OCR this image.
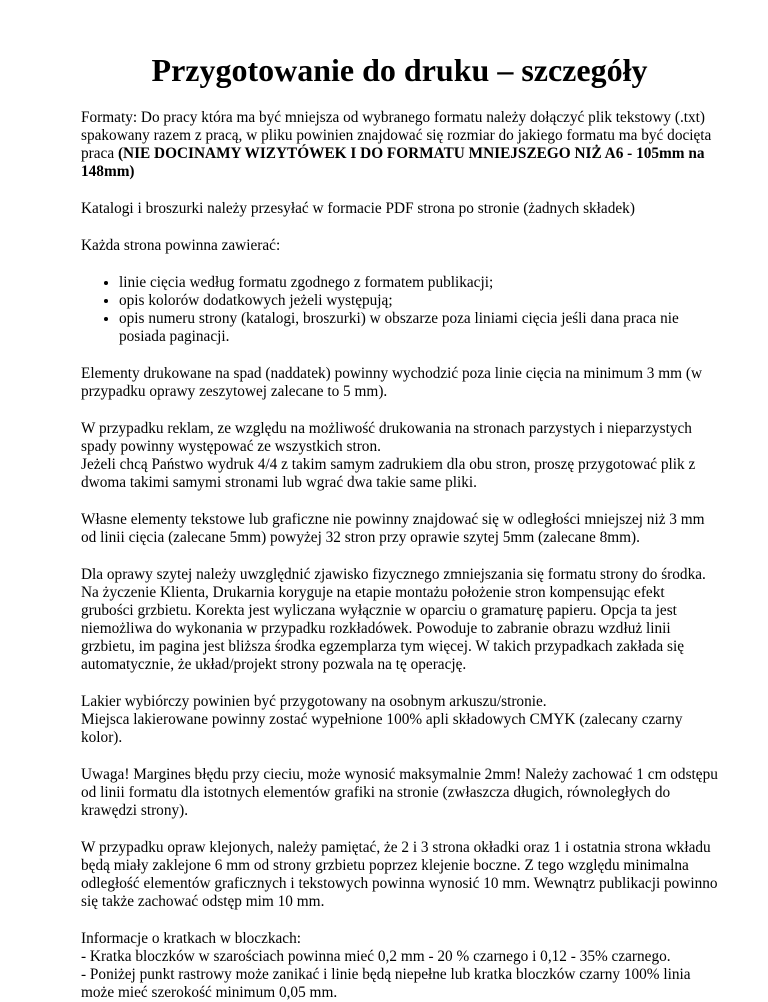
Przygotowanie do druku – szczegóły

Formaty: Do pracy która ma być mniejsza od wybranego formatu należy dołączyć plik tekstowy (.txt) spakowany razem z pracą, w pliku powinien znajdować się rozmiar do jakiego formatu ma być docięta praca (NIE DOCINAMY WIZYTÓWEK I DO FORMATU MNIEJSZEGO NIŻ A6 - 105mm na 148mm)

Katalogi i broszurki należy przesyłać w formacie PDF strona po stronie (żadnych składek)

Każda strona powinna zawierać:

• linie cięcia według formatu zgodnego z formatem publikacji;
• opis kolorów dodatkowych jeżeli występują;
• opis numeru strony (katalogi, broszurki) w obszarze poza liniami cięcia jeśli dana praca nie posiada paginacji.

Elementy drukowane na spad (naddatek) powinny wychodzić poza linie cięcia na minimum 3 mm (w przypadku oprawy zeszytowej zalecane to 5 mm).

W przypadku reklam, ze względu na możliwość drukowania na stronach parzystych i nieparzystych spady powinny występować ze wszystkich stron.

Jeżeli chcą Państwo wydruk 4/4 z takim samym zadrukiem dla obu stron, proszę przygotować plik z dwoma takimi samymi stronami lub wgrać dwa takie same pliki.

Własne elementy tekstowe lub graficzne nie powinny znajdować się w odległości mniejszej niż 3 mm od linii cięcia (zalecane 5mm) powyżej 32 stron przy oprawie szytej 5mm (zalecane 8mm).

Dla oprawy szytej należy uwzględnić zjawisko fizycznego zmniejszania się formatu strony do środka. Na życzenie Klienta, Drukarnia koryguje na etapie montażu położenie stron kompensując efekt grubości grzbietu. Korekta jest wyliczana wyłącznie w oparciu o gramaturę papieru. Opcja ta jest niemożliwa do wykonania w przypadku rozkładówek. Powoduje to zabranie obrazu wzdłuż linii grzbietu, im pagina jest bliższa środka egzemplarza tym więcej. W takich przypadkach zakłada się automatycznie, że układ/projekt strony pozwala na tę operację.

Lakier wybiórczy powinien być przygotowany na osobnym arkuszu/stronie.

Miejsca lakierowane powinny zostać wypełnione 100% apli składowych CMYK (zalecany czarny kolor).

Uwaga! Margines błędu przy cieciu, może wynosić maksymalnie 2mm! Należy zachować 1 cm odstępu od linii formatu dla istotnych elementów grafiki na stronie (zwłaszcza długich, równoległych do krawędzi strony).

W przypadku opraw klejonych, należy pamiętać, że 2 i 3 strona okładki oraz 1 i ostatnia strona wkładu będą miały zaklejone 6 mm od strony grzbietu poprzez klejenie boczne. Z tego względu minimalna odległość elementów graficznych i tekstowych powinna wynosić 10 mm. Wewnątrz publikacji powinno się także zachować odstęp mim 10 mm.

Informacje o kratkach w bloczkach:

- Kratka bloczków w szarościach powinna mieć 0,2 mm - 20 % czarnego i 0,12 - 35% czarnego.

- Poniżej punkt rastrowy może zanikać i linie będą niepełne lub kratka bloczków czarny 100% linia może mieć szerokość minimum 0,05 mm.
